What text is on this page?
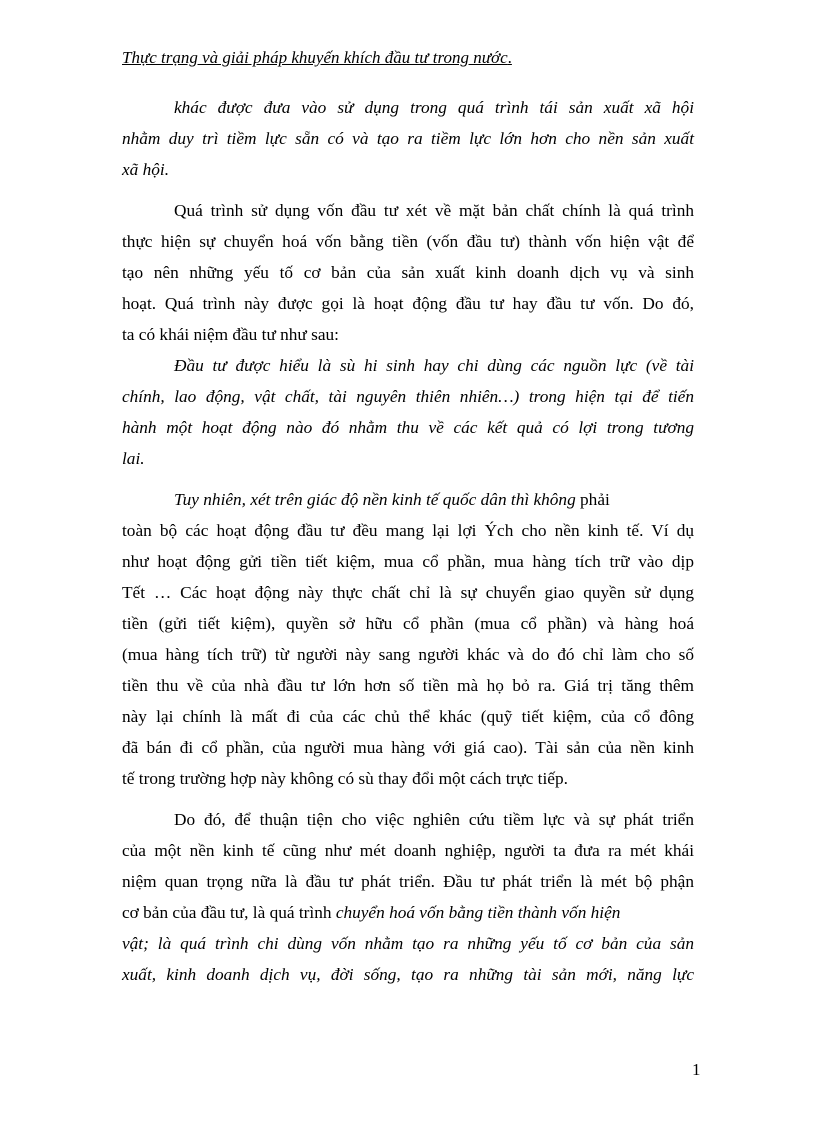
Thực trạng và giải pháp khuyến khích đầu tư trong nước.
khác được đưa vào sử dụng trong quá trình tái sản xuất xã hội
nhằm duy trì tiềm lực sẵn có và tạo ra tiềm lực lớn hơn cho nền sản xuất
xã hội.
Quá trình sử dụng vốn đầu tư xét về mặt bản chất chính là quá trình
thực hiện sự chuyển hoá vốn bằng tiền (vốn đầu tư) thành vốn hiện vật để
tạo nên những yếu tố cơ bản của sản xuất kinh doanh dịch vụ và sinh
hoạt. Quá trình này được gọi là hoạt động đầu tư hay đầu tư vốn. Do đó,
ta có khái niệm đầu tư như sau:
Đầu tư được hiểu là sù hi sinh hay chi dùng các nguồn lực (về tài
chính, lao động, vật chất, tài nguyên thiên nhiên…) trong hiện tại để tiến
hành một hoạt động nào đó nhằm thu về các kết quả có lợi trong tương
lai.
Tuy nhiên, xét trên giác độ nền kinh tế quốc dân thì không phải
toàn bộ các hoạt động đầu tư đều mang lại lợi Ých cho nền kinh tế. Ví dụ
như hoạt động gửi tiền tiết kiệm, mua cổ phần, mua hàng tích trữ vào dịp
Tết … Các hoạt động này thực chất chỉ là sự chuyển giao quyền sử dụng
tiền (gửi tiết kiệm), quyền sở hữu cổ phần (mua cổ phần) và hàng hoá
(mua hàng tích trữ) từ người này sang người khác và do đó chỉ làm cho số
tiền thu về của nhà đầu tư lớn hơn số tiền mà họ bỏ ra. Giá trị tăng thêm
này lại chính là mất đi của các chủ thể khác (quỹ tiết kiệm, của cổ đông
đã bán đi cổ phần, của người mua hàng với giá cao). Tài sản của nền kinh
tế trong trường hợp này không có sù thay đổi một cách trực tiếp.
Do đó, để thuận tiện cho việc nghiên cứu tiềm lực và sự phát triển
của một nền kinh tế cũng như mét doanh nghiệp, người ta đưa ra mét khái
niệm quan trọng nữa là đầu tư phát triển. Đầu tư phát triển là mét bộ phận
cơ bản của đầu tư, là quá trình chuyển hoá vốn bằng tiền thành vốn hiện
vật; là quá trình chi dùng vốn nhằm tạo ra những yếu tố cơ bản của sản
xuất, kinh doanh dịch vụ, đời sống, tạo ra những tài sản mới, năng lực
1
